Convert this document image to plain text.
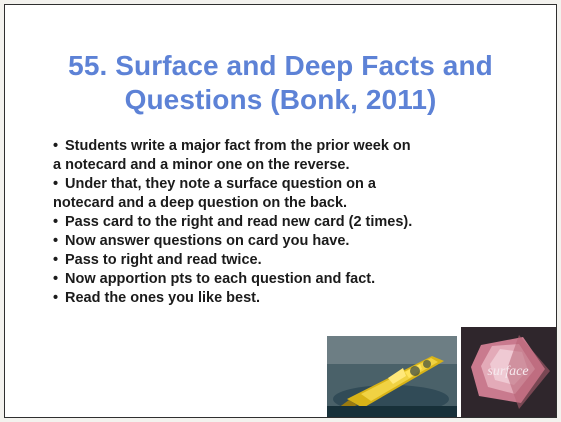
55. Surface and Deep Facts and
Questions (Bonk, 2011)
• Students write a major fact from the prior week on
a notecard and a minor one on the reverse.
• Under that, they note a surface question on a
notecard and a deep question on the back.
• Pass card to the right and read new card (2 times).
• Now answer questions on card you have.
• Pass to right and read twice.
• Now apportion pts to each question and fact.
• Read the ones you like best.
surface
